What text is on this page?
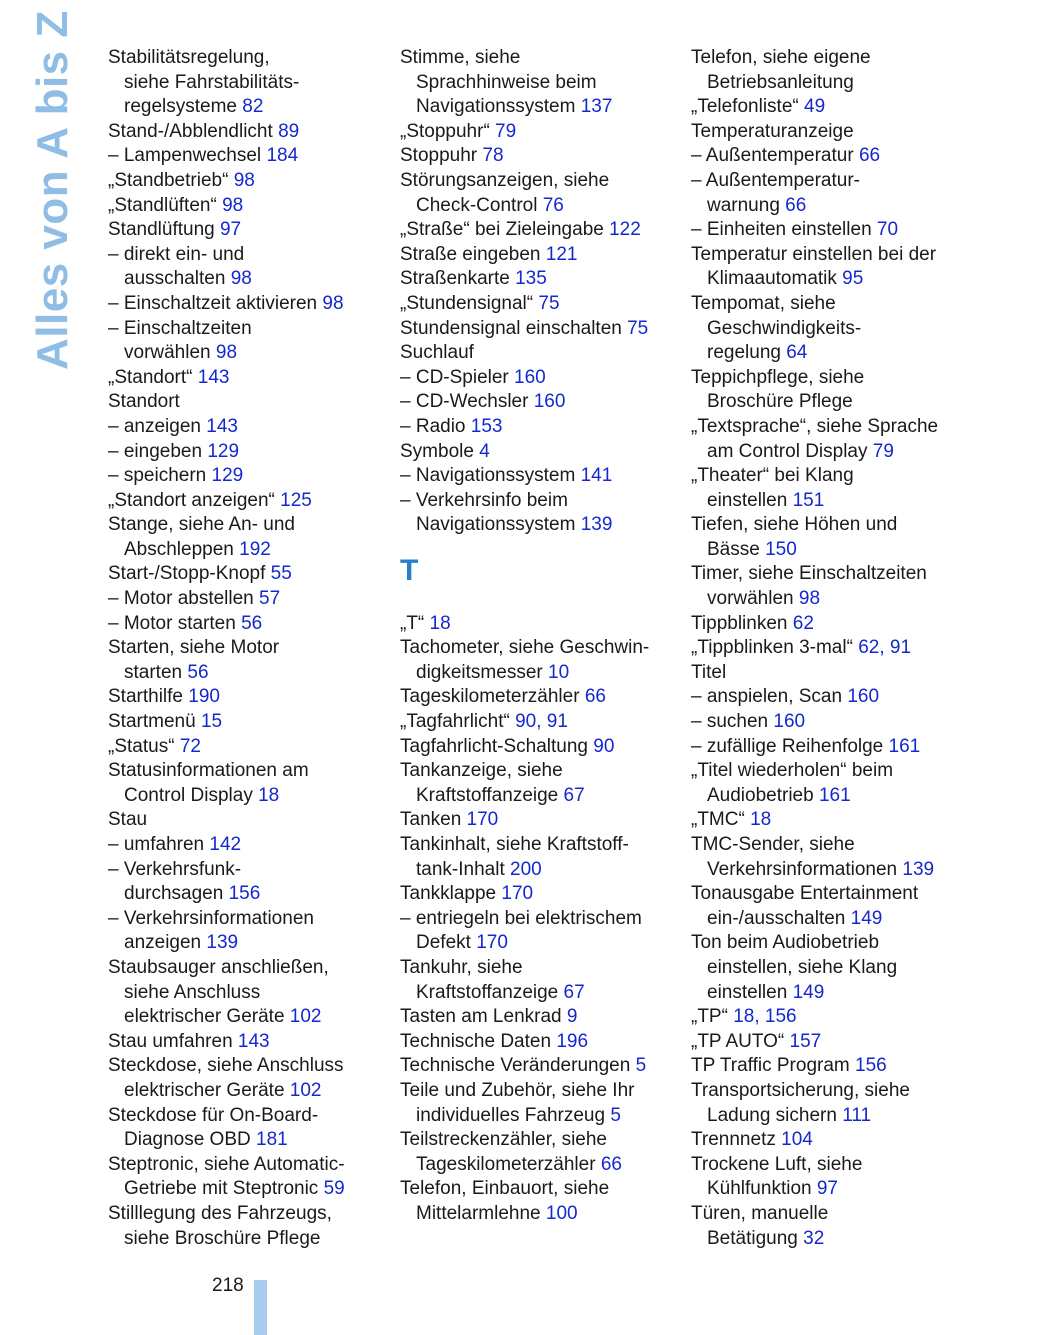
Alles von A bis Z Stabilitätsregelung,
siehe Fahrstabilitäts-
regelsysteme 82
Stand-/Abblendlicht 89
– Lampenwechsel 184
„Standbetrieb“ 98
„Standlüften“ 98
Standlüftung 97
– direkt ein- und
ausschalten 98
– Einschaltzeit aktivieren 98
– Einschaltzeiten
vorwählen 98
„Standort“ 143
Standort
– anzeigen 143
– eingeben 129
– speichern 129
„Standort anzeigen“ 125
Stange, siehe An- und
Abschleppen 192
Start-/Stopp-Knopf 55
– Motor abstellen 57
– Motor starten 56
Starten, siehe Motor
starten 56
Starthilfe 190
Startmenü 15
„Status“ 72
Statusinformationen am
Control Display 18
Stau
– umfahren 142
– Verkehrsfunk-
durchsagen 156
– Verkehrsinformationen
anzeigen 139
Staubsauger anschließen,
siehe Anschluss
elektrischer Geräte 102
Stau umfahren 143
Steckdose, siehe Anschluss
elektrischer Geräte 102
Steckdose für On-Board-
Diagnose OBD 181
Steptronic, siehe Automatic-
Getriebe mit Steptronic 59
Stilllegung des Fahrzeugs,
siehe Broschüre Pflege
Stimme, siehe
Sprachhinweise beim
Navigationssystem 137
„Stoppuhr“ 79
Stoppuhr 78
Störungsanzeigen, siehe
Check-Control 76
„Straße“ bei Zieleingabe 122
Straße eingeben 121
Straßenkarte 135
„Stundensignal“ 75
Stundensignal einschalten 75
Suchlauf
– CD-Spieler 160
– CD-Wechsler 160
– Radio 153
Symbole 4
– Navigationssystem 141
– Verkehrsinfo beim
Navigationssystem 139
T
„T“ 18
Tachometer, siehe Geschwin-
digkeitsmesser 10
Tageskilometerzähler 66
„Tagfahrlicht“ 90, 91
Tagfahrlicht-Schaltung 90
Tankanzeige, siehe
Kraftstoffanzeige 67
Tanken 170
Tankinhalt, siehe Kraftstoff-
tank-Inhalt 200
Tankklappe 170
– entriegeln bei elektrischem
Defekt 170
Tankuhr, siehe
Kraftstoffanzeige 67
Tasten am Lenkrad 9
Technische Daten 196
Technische Veränderungen 5
Teile und Zubehör, siehe Ihr
individuelles Fahrzeug 5
Teilstreckenzähler, siehe
Tageskilometerzähler 66
Telefon, Einbauort, siehe
Mittelarmlehne 100
Telefon, siehe eigene
Betriebsanleitung
„Telefonliste“ 49
Temperaturanzeige
– Außentemperatur 66
– Außentemperatur-
warnung 66
– Einheiten einstellen 70
Temperatur einstellen bei der
Klimaautomatik 95
Tempomat, siehe
Geschwindigkeits-
regelung 64
Teppichpflege, siehe
Broschüre Pflege
„Textsprache“, siehe Sprache
am Control Display 79
„Theater“ bei Klang
einstellen 151
Tiefen, siehe Höhen und
Bässe 150
Timer, siehe Einschaltzeiten
vorwählen 98
Tippblinken 62
„Tippblinken 3-mal“ 62, 91
Titel
– anspielen, Scan 160
– suchen 160
– zufällige Reihenfolge 161
„Titel wiederholen“ beim
Audiobetrieb 161
„TMC“ 18
TMC-Sender, siehe
Verkehrsinformationen 139
Tonausgabe Entertainment
ein-/ausschalten 149
Ton beim Audiobetrieb
einstellen, siehe Klang
einstellen 149
„TP“ 18, 156
„TP AUTO“ 157
TP Traffic Program 156
Transportsicherung, siehe
Ladung sichern 111
Trennnetz 104
Trockene Luft, siehe
Kühlfunktion 97
Türen, manuelle
Betätigung 32
218
